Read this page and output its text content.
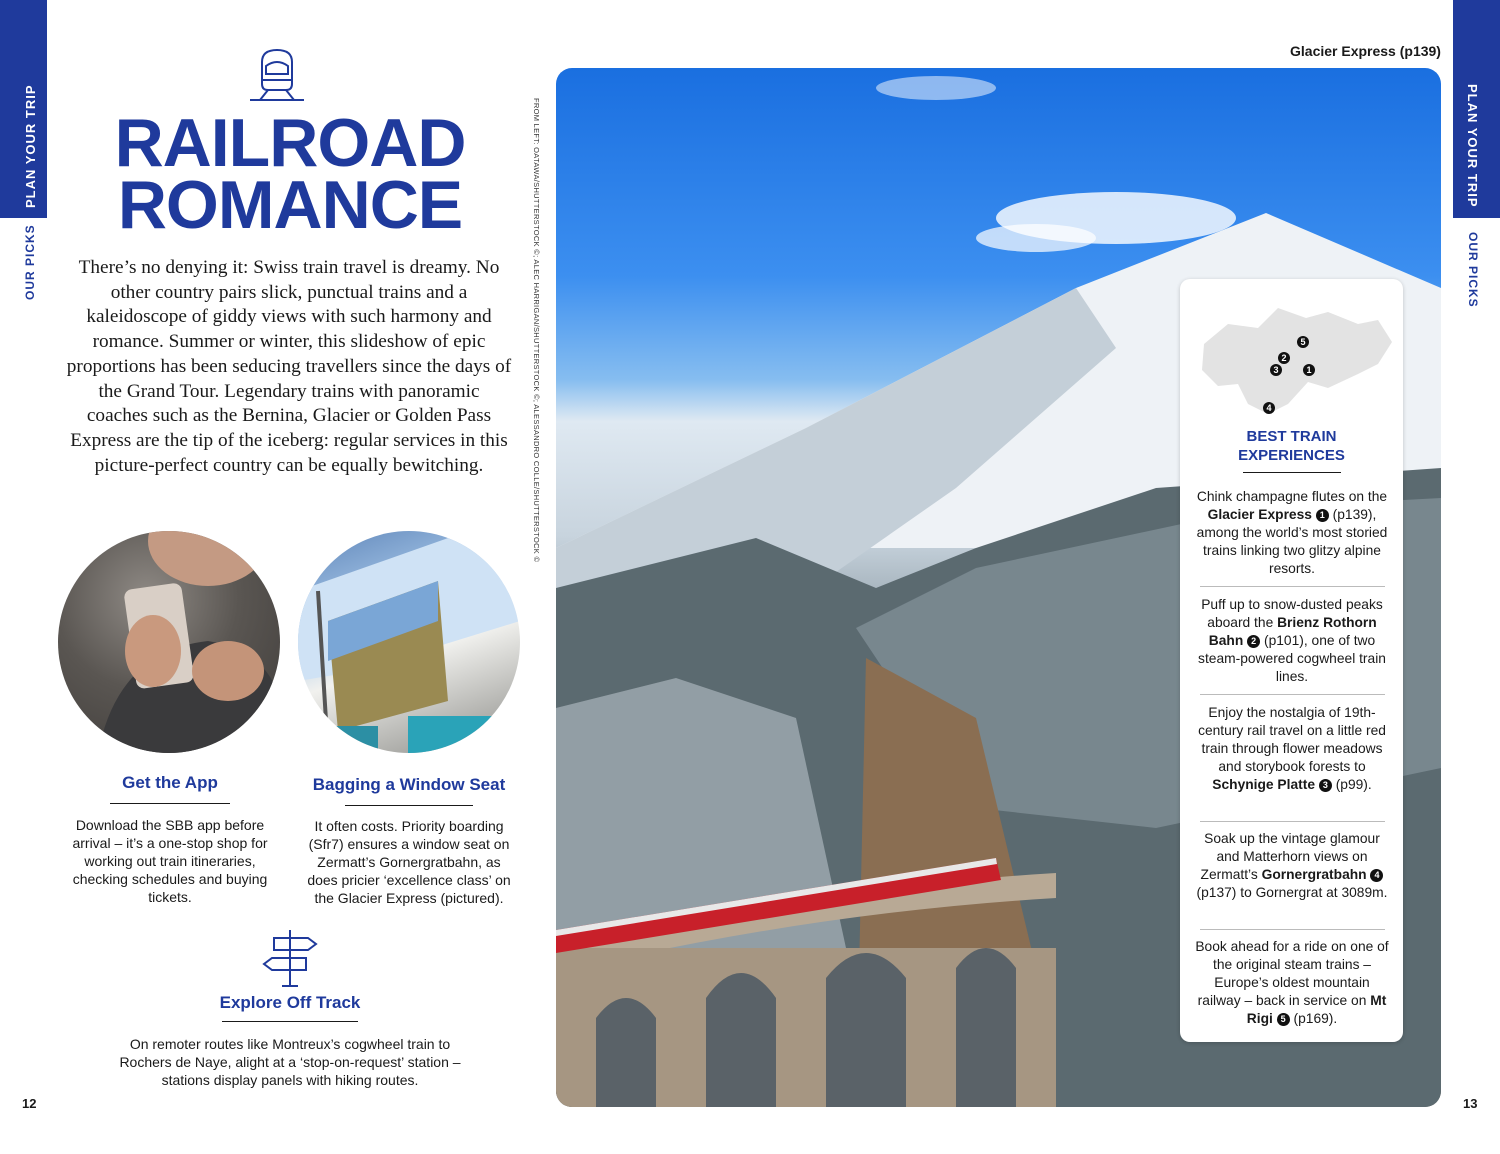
PLAN YOUR TRIP
OUR PICKS
PLAN YOUR TRIP
OUR PICKS
RAILROAD
ROMANCE

There’s no denying it: Swiss train travel is dreamy. No other country pairs slick, punctual trains and a kaleidoscope of giddy views with such harmony and romance. Summer or winter, this slideshow of epic proportions has been seducing travellers since the days of the Grand Tour. Legendary trains with panoramic coaches such as the Bernina, Glacier or Golden Pass Express are the tip of the iceberg: regular services in this picture-perfect country can be equally bewitching.

Get the App
Download the SBB app before arrival – it’s a one-stop shop for working out train itineraries, checking schedules and buying tickets.
Bagging a Window Seat
It often costs. Priority boarding (Sfr7) ensures a window seat on Zermatt’s Gornergratbahn, as does pricier ‘excellence class’ on the Glacier Express (pictured).
Explore Off Track
On remoter routes like Montreux’s cogwheel train to Rochers de Naye, alight at a ‘stop-on-request’ station – stations display panels with hiking routes.
12	13
Glacier Express (p139)
FROM LEFT: OATAWA/SHUTTERSTOCK ©; ALEC HARRIGAN/SHUTTERSTOCK ©; ALESSANDRO COLLE/SHUTTERSTOCK ©	5
2
3	1
4
BEST TRAIN
EXPERIENCES
Chink champagne flutes on the Glacier Express 1 (p139), among the world’s most storied trains linking two glitzy alpine resorts.
Puff up to snow-dusted peaks aboard the Brienz Rothorn Bahn 2 (p101), one of two steam-powered cogwheel train lines.
Enjoy the nostalgia of 19th-century rail travel on a little red train through flower meadows and storybook forests to Schynige Platte 3 (p99).
Soak up the vintage glamour and Matterhorn views on Zermatt’s Gornergratbahn 4 (p137) to Gornergrat at 3089m.
Book ahead for a ride on one of the original steam trains – Europe’s oldest mountain railway – back in service on Mt Rigi 5 (p169).
